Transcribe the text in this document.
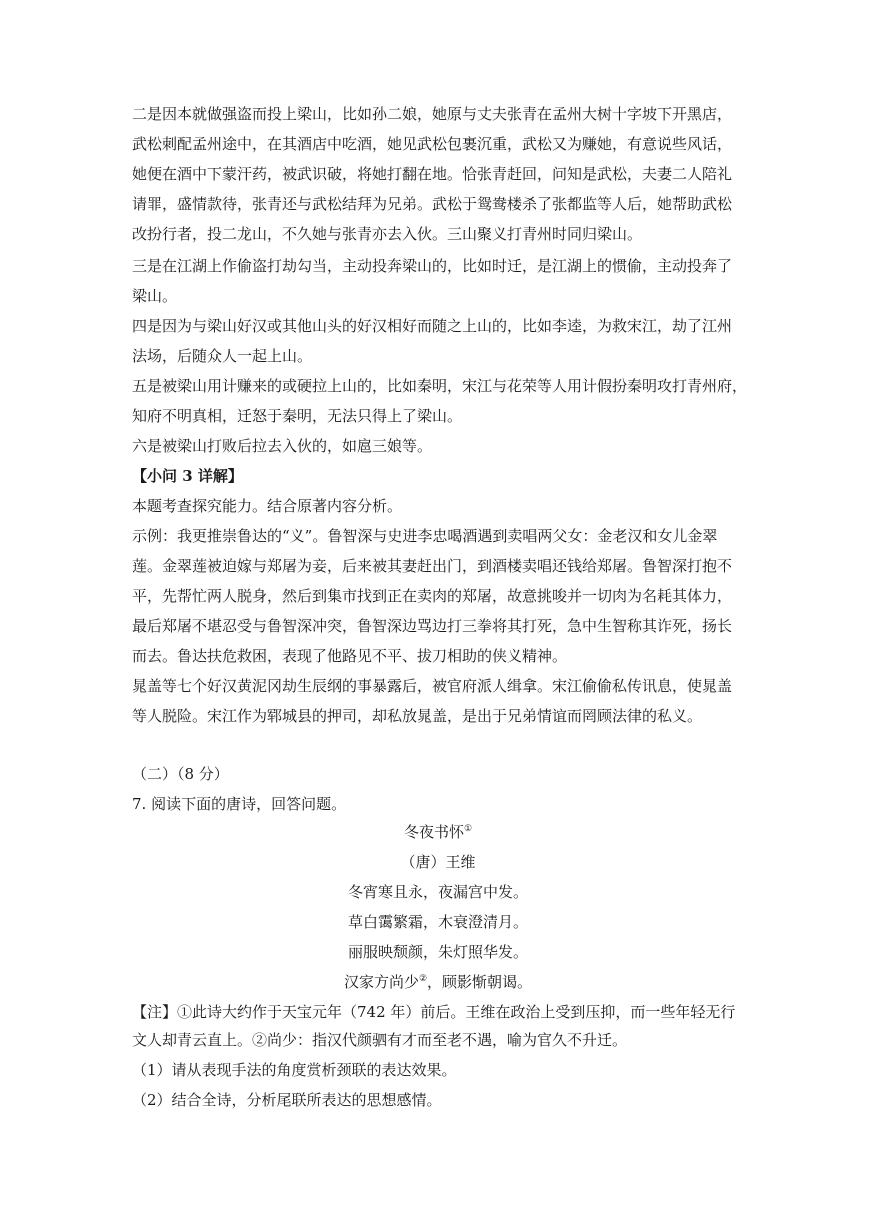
二是因本就做强盗而投上梁山，比如孙二娘，她原与丈夫张青在孟州大树十字坡下开黑店，
武松刺配孟州途中，在其酒店中吃酒，她见武松包裹沉重，武松又为赚她，有意说些风话，
她便在酒中下蒙汗药，被武识破，将她打翻在地。恰张青赶回，问知是武松，夫妻二人陪礼
请罪，盛情款待，张青还与武松结拜为兄弟。武松于鸳鸯楼杀了张都监等人后，她帮助武松
改扮行者，投二龙山，不久她与张青亦去入伙。三山聚义打青州时同归梁山。
三是在江湖上作偷盗打劫勾当，主动投奔梁山的，比如时迁，是江湖上的惯偷，主动投奔了
梁山。
四是因为与梁山好汉或其他山头的好汉相好而随之上山的，比如李逵，为救宋江，劫了江州
法场，后随众人一起上山。
五是被梁山用计赚来的或硬拉上山的，比如秦明，宋江与花荣等人用计假扮秦明攻打青州府，
知府不明真相，迁怒于秦明，无法只得上了梁山。
六是被梁山打败后拉去入伙的，如扈三娘等。
【小问 3 详解】
本题考查探究能力。结合原著内容分析。
示例：我更推崇鲁达的“义”。鲁智深与史进李忠喝酒遇到卖唱两父女：金老汉和女儿金翠
莲。金翠莲被迫嫁与郑屠为妾，后来被其妻赶出门，到酒楼卖唱还钱给郑屠。鲁智深打抱不
平，先帮忙两人脱身，然后到集市找到正在卖肉的郑屠，故意挑唆并一切肉为名耗其体力，
最后郑屠不堪忍受与鲁智深冲突，鲁智深边骂边打三拳将其打死，急中生智称其诈死，扬长
而去。鲁达扶危救困，表现了他路见不平、拔刀相助的侠义精神。
晁盖等七个好汉黄泥冈劫生辰纲的事暴露后，被官府派人缉拿。宋江偷偷私传讯息，使晁盖
等人脱险。宋江作为郓城县的押司，却私放晁盖，是出于兄弟情谊而罔顾法律的私义。
（二）（8 分）
7. 阅读下面的唐诗，回答问题。
冬夜书怀①
（唐）王维
冬宵寒且永，夜漏宫中发。
草白霭繁霜，木衰澄清月。
丽服映颓颜，朱灯照华发。
汉家方尚少②，顾影惭朝谒。
【注】①此诗大约作于天宝元年（742 年）前后。王维在政治上受到压抑，而一些年轻无行
文人却青云直上。②尚少：指汉代颜驷有才而至老不遇，喻为官久不升迁。
（1）请从表现手法的角度赏析颈联的表达效果。
（2）结合全诗，分析尾联所表达的思想感情。
